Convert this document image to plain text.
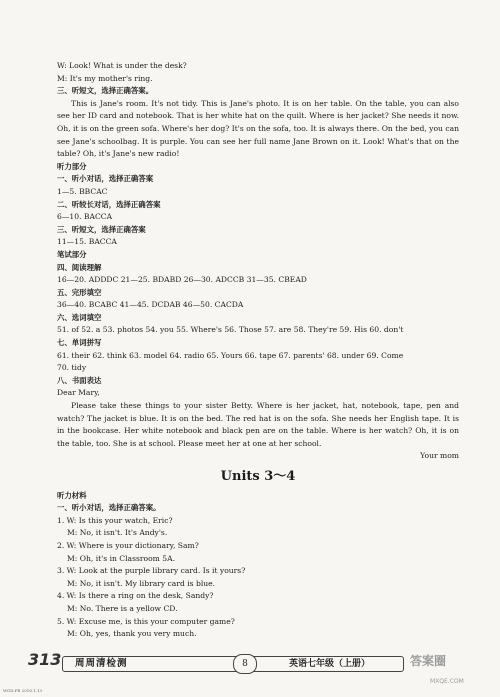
W: Look! What is under the desk?
M: It's my mother's ring.
三、听短文，选择正确答案。
This is Jane's room. It's not tidy. This is Jane's photo. It is on her table. On the table, you can also see her ID card and notebook. That is her white hat on the quilt. Where is her jacket? She needs it now. Oh, it is on the green sofa. Where's her dog? It's on the sofa, too. It is always there. On the bed, you can see Jane's schoolbag. It is purple. You can see her full name Jane Brown on it. Look! What's that on the table? Oh, it's Jane's new radio!
听力部分
一、听小对话，选择正确答案
1—5. BBCAC
二、听较长对话，选择正确答案
6—10. BACCA
三、听短文，选择正确答案
11—15. BACCA
笔试部分
四、阅读理解
16—20. ADDDC 21—25. BDABD 26—30. ADCCB 31—35. CBEAD
五、完形填空
36—40. BCABC 41—45. DCDAB 46—50. CACDA
六、选词填空
51. of 52. a 53. photos 54. you 55. Where's 56. Those 57. are 58. They're 59. His 60. don't
七、单词拼写
61. their 62. think 63. model 64. radio 65. Yours 66. tape 67. parents' 68. under 69. Come
70. tidy
八、书面表达
Dear Mary,
Please take these things to your sister Betty. Where is her jacket, hat, notebook, tape, pen and watch? The jacket is blue. It is on the bed. The red hat is on the sofa. She needs her English tape. It is in the bookcase. Her white notebook and black pen are on the table. Where is her watch? Oh, it is on the table, too. She is at school. Please meet her at one at her school.
Your mom
Units 3～4
听力材料
一、听小对话，选择正确答案。
1. W: Is this your watch, Eric?
M: No, it isn't. It's Andy's.
2. W: Where is your dictionary, Sam?
M: Oh, it's in Classroom 5A.
3. W: Look at the purple library card. Is it yours?
M: No, it isn't. My library card is blue.
4. W: Is there a ring on the desk, Sandy?
M: No. There is a yellow CD.
5. W: Excuse me, is this your computer game?
M: Oh, yes, thank you very much.
313 周周清检测	8	英语七年级（上册）
WGD.FR 2016.1.13
答案圈
MXQE.COM
